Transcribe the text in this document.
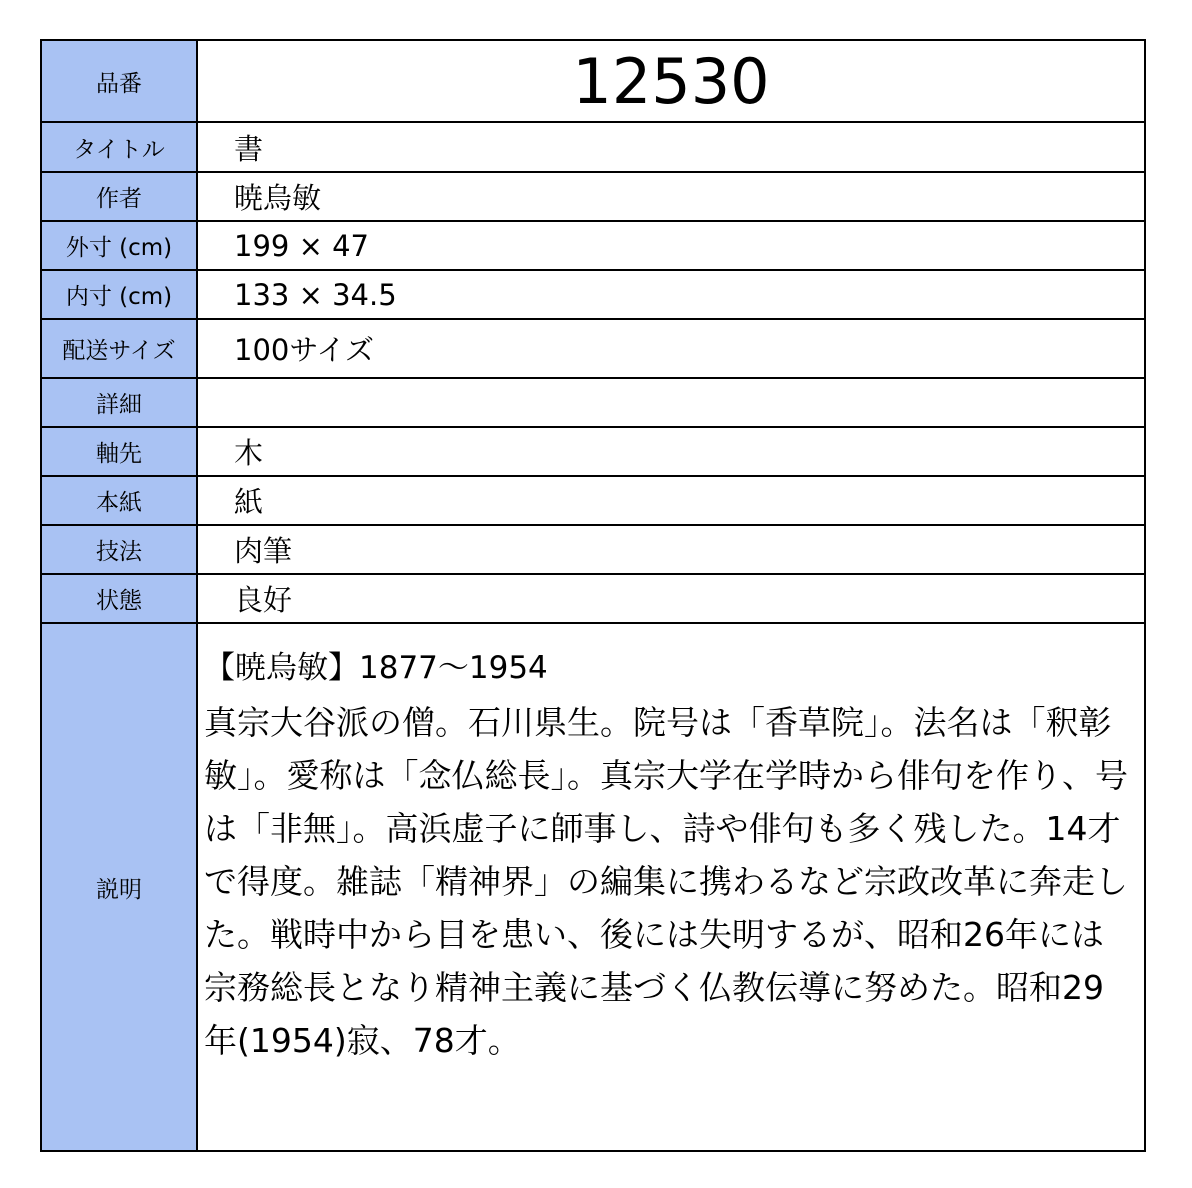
品番	12530
タイトル	書
作者	暁烏敏
外寸 (cm)	199 × 47
内寸 (cm)	133 × 34.5
配送サイズ	100サイズ
詳細
軸先	木
本紙	紙
技法	肉筆
状態	良好
説明
【暁烏敏】1877〜1954

真宗大谷派の僧。石川県生。院号は「香草院」。法名は「釈彰敏」。愛称は「念仏総長」。真宗大学在学時から俳句を作り、号は「非無」。高浜虚子に師事し、詩や俳句も多く残した。14才で得度。雑誌「精神界」の編集に携わるなど宗政改革に奔走した。戦時中から目を患い、後には失明するが、昭和26年には宗務総長となり精神主義に基づく仏教伝導に努めた。昭和29年(1954)寂、78才。
